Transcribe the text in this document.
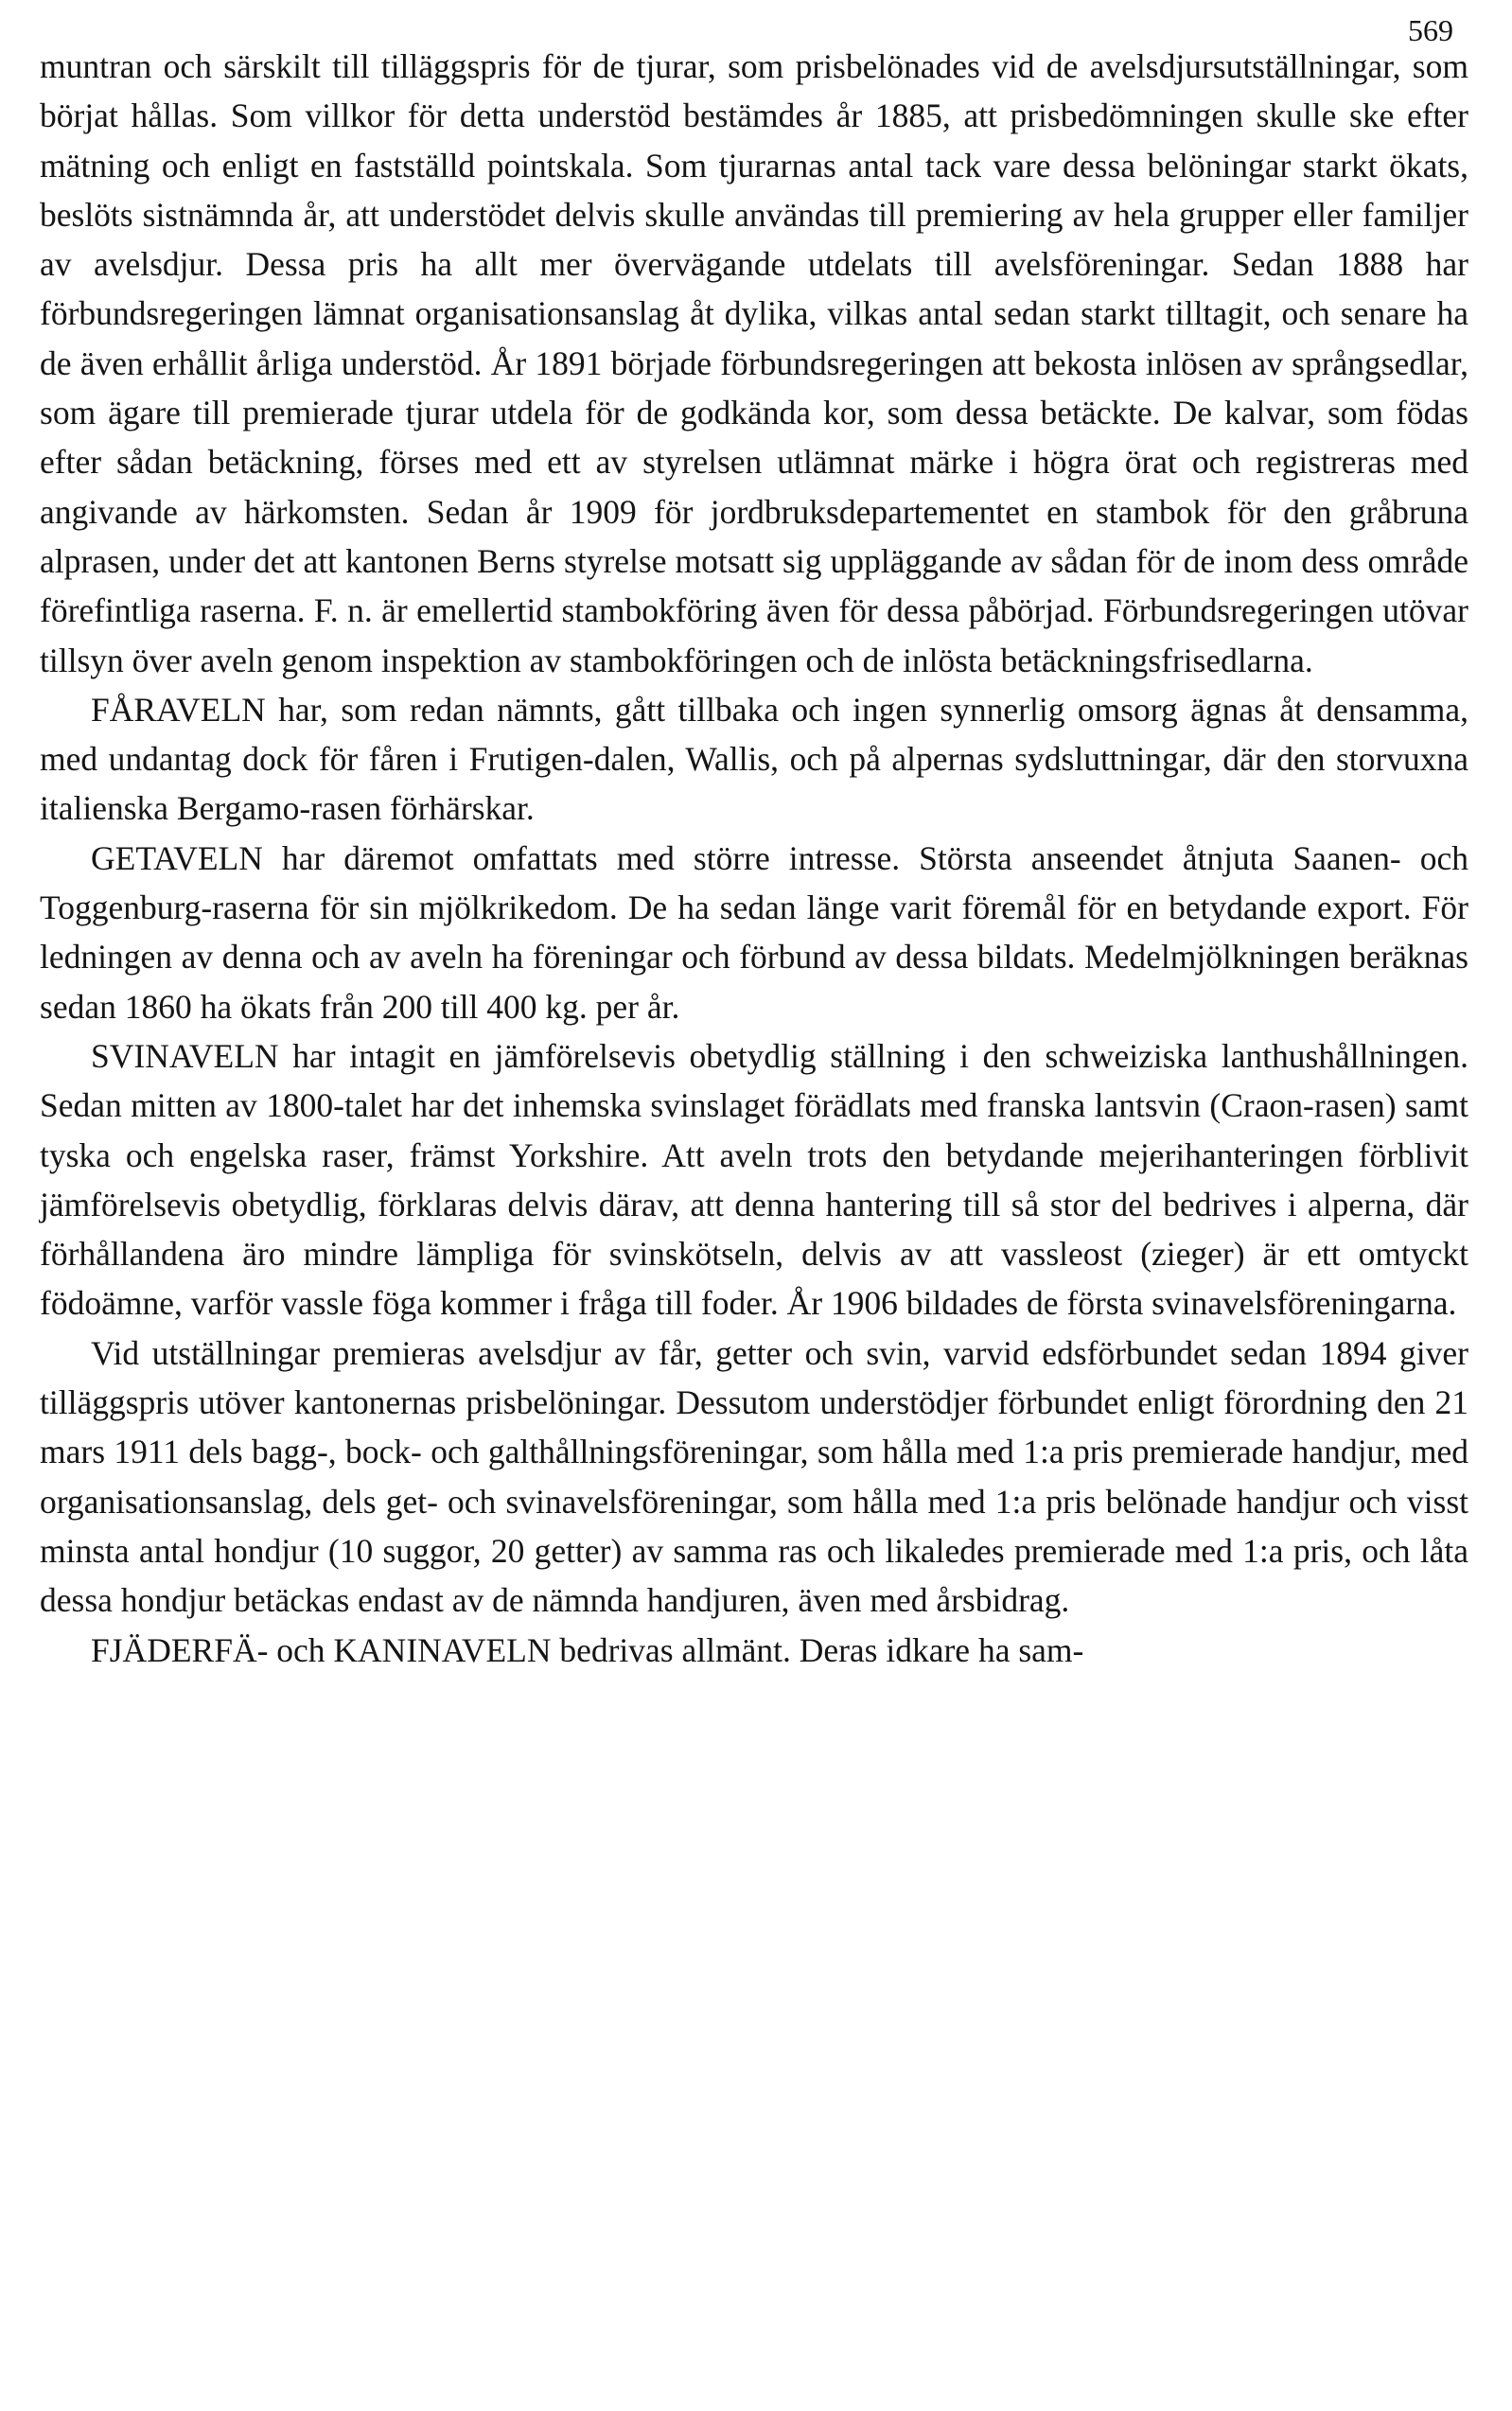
569

muntran och särskilt till tilläggspris för de tjurar, som prisbelönades vid de avelsdjursutställningar, som börjat hållas. Som villkor för detta understöd bestämdes år 1885, att prisbedömningen skulle ske efter mätning och enligt en fastställd pointskala. Som tjurarnas antal tack vare dessa belöningar starkt ökats, beslöts sistnämnda år, att understödet delvis skulle användas till premiering av hela grupper eller familjer av avelsdjur. Dessa pris ha allt mer övervägande utdelats till avelsföreningar. Sedan 1888 har förbundsregeringen lämnat organisationsanslag åt dylika, vilkas antal sedan starkt tilltagit, och senare ha de även erhållit årliga understöd. År 1891 började förbundsregeringen att bekosta inlösen av språngsedlar, som ägare till premierade tjurar utdela för de godkända kor, som dessa betäckte. De kalvar, som födas efter sådan betäckning, förses med ett av styrelsen utlämnat märke i högra örat och registreras med angivande av härkomsten. Sedan år 1909 för jordbruksdepartementet en stambok för den gråbruna alprasen, under det att kantonen Berns styrelse motsatt sig uppläggande av sådan för de inom dess område förefintliga raserna. F. n. är emellertid stambokföring även för dessa påbörjad. Förbundsregeringen utövar tillsyn över aveln genom inspektion av stambokföringen och de inlösta betäckningsfrisedlarna.

FÅRAVELN har, som redan nämnts, gått tillbaka och ingen synnerlig omsorg ägnas åt densamma, med undantag dock för fåren i Frutigen-dalen, Wallis, och på alpernas sydsluttningar, där den storvuxna italienska Bergamo-rasen förhärskar.

GETAVELN har däremot omfattats med större intresse. Största anseendet åtnjuta Saanen- och Toggenburg-raserna för sin mjölkrikedom. De ha sedan länge varit föremål för en betydande export. För ledningen av denna och av aveln ha föreningar och förbund av dessa bildats. Medelmjölkningen beräknas sedan 1860 ha ökats från 200 till 400 kg. per år.

SVINAVELN har intagit en jämförelsevis obetydlig ställning i den schweiziska lanthushållningen. Sedan mitten av 1800-talet har det inhemska svinslaget förädlats med franska lantsvin (Craon-rasen) samt tyska och engelska raser, främst Yorkshire. Att aveln trots den betydande mejerihanteringen förblivit jämförelsevis obetydlig, förklaras delvis därav, att denna hantering till så stor del bedrives i alperna, där förhållandena äro mindre lämpliga för svinskötseln, delvis av att vassleost (zieger) är ett omtyckt födoämne, varför vassle föga kommer i fråga till foder. År 1906 bildades de första svinavelsföreningarna.

Vid utställningar premieras avelsdjur av får, getter och svin, varvid edsförbundet sedan 1894 giver tilläggspris utöver kantonernas prisbelöningar. Dessutom understödjer förbundet enligt förordning den 21 mars 1911 dels bagg-, bock- och galthållningsföreningar, som hålla med 1:a pris premierade handjur, med organisationsanslag, dels get- och svinavelsföreningar, som hålla med 1:a pris belönade handjur och visst minsta antal hondjur (10 suggor, 20 getter) av samma ras och likaledes premierade med 1:a pris, och låta dessa hondjur betäckas endast av de nämnda handjuren, även med årsbidrag.

FJÄDERFÄ- och KANINAVELN bedrivas allmänt. Deras idkare ha sam-
